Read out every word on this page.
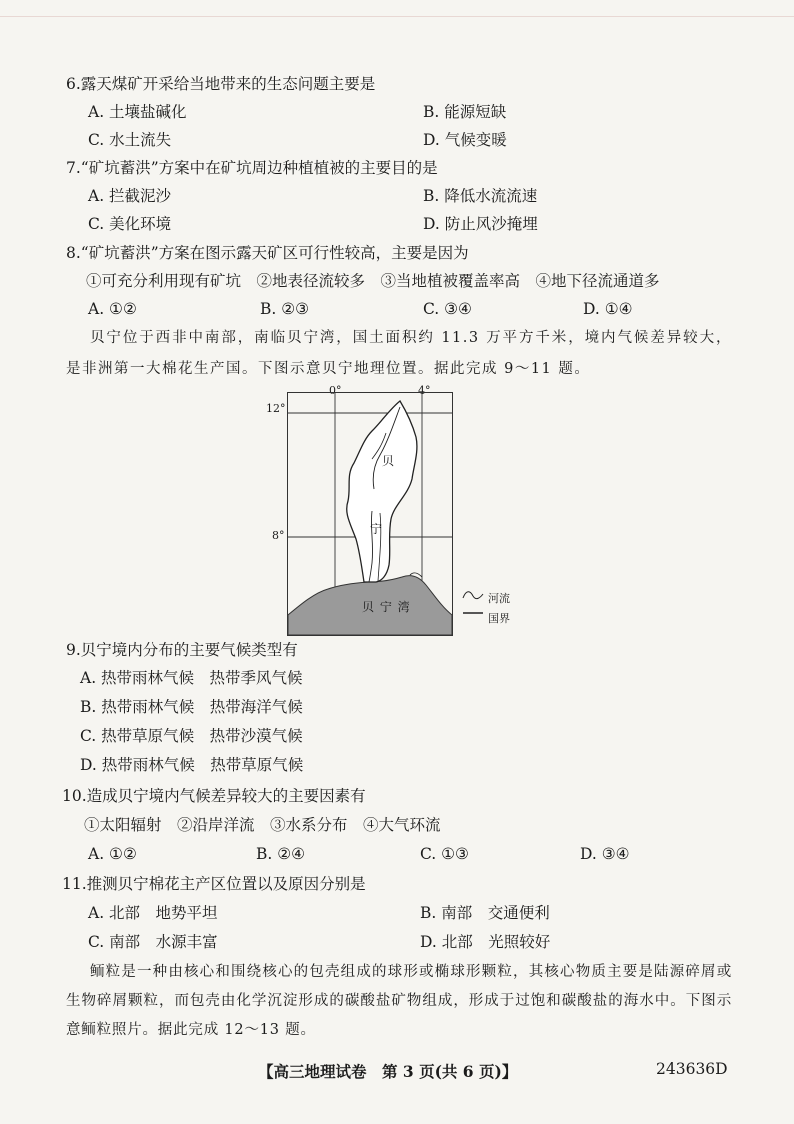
6.露天煤矿开采给当地带来的生态问题主要是
A. 土壤盐碱化	B. 能源短缺
C. 水土流失	D. 气候变暖
7.“矿坑蓄洪”方案中在矿坑周边种植植被的主要目的是
A. 拦截泥沙	B. 降低水流流速
C. 美化环境	D. 防止风沙掩埋
8.“矿坑蓄洪”方案在图示露天矿区可行性较高，主要是因为
①可充分利用现有矿坑　②地表径流较多　③当地植被覆盖率高　④地下径流通道多
A. ①②	B. ②③	C. ③④	D. ①④
贝宁位于西非中南部，南临贝宁湾，国土面积约 11.3 万平方千米，境内气候差异较大，是非洲第一大棉花生产国。下图示意贝宁地理位置。据此完成 9～11 题。
0°	4°
12°
8°
贝
宁
贝 宁 湾
河流
国界
9.贝宁境内分布的主要气候类型有
A. 热带雨林气候　热带季风气候
B. 热带雨林气候　热带海洋气候
C. 热带草原气候　热带沙漠气候
D. 热带雨林气候　热带草原气候
10.造成贝宁境内气候差异较大的主要因素有
①太阳辐射　②沿岸洋流　③水系分布　④大气环流
A. ①②	B. ②④	C. ①③	D. ③④
11.推测贝宁棉花主产区位置以及原因分别是
A. 北部　地势平坦	B. 南部　交通便利
C. 南部　水源丰富	D. 北部　光照较好
鲕粒是一种由核心和围绕核心的包壳组成的球形或椭球形颗粒，其核心物质主要是陆源碎屑或生物碎屑颗粒，而包壳由化学沉淀形成的碳酸盐矿物组成，形成于过饱和碳酸盐的海水中。下图示意鲕粒照片。据此完成 12～13 题。
【高三地理试卷　第 3 页(共 6 页)】	243636D
